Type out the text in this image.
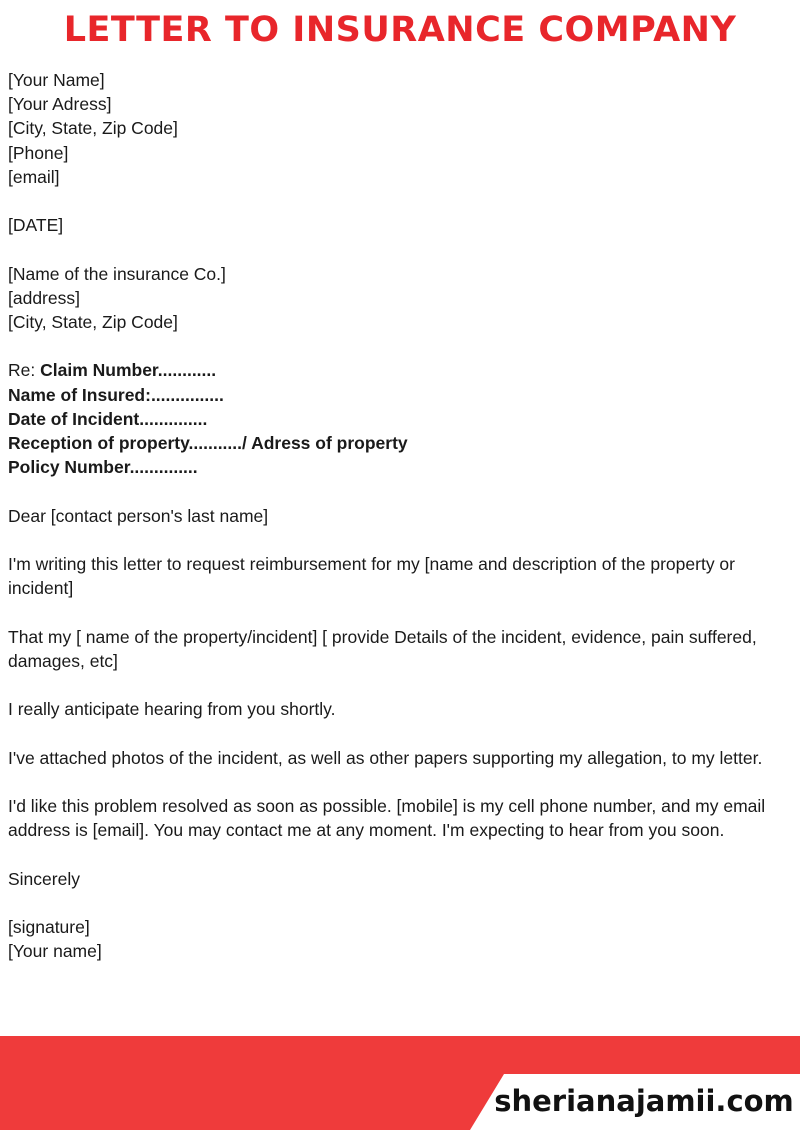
LETTER TO INSURANCE COMPANY
[Your Name]
[Your Adress]
[City, State, Zip Code]
[Phone]
[email]
[DATE]
[Name of the insurance Co.]
[address]
[City, State, Zip Code]
Re: Claim Number............
Name of Insured:...............
Date of Incident..............
Reception of property.........../ Adress of property
Policy Number..............
Dear [contact person's last name]
I'm writing this letter to request reimbursement for my [name and description of the property or incident]
That my [ name of the property/incident] [ provide Details of the incident, evidence, pain suffered, damages, etc]
I really anticipate hearing from you shortly.
I've attached photos of the incident, as well as other papers supporting my allegation, to my letter.
I'd like this problem resolved as soon as possible. [mobile] is my cell phone number, and my email address is [email]. You may contact me at any moment. I'm expecting to hear from you soon.
Sincerely
[signature]
[Your name]
sherianajamii.com
